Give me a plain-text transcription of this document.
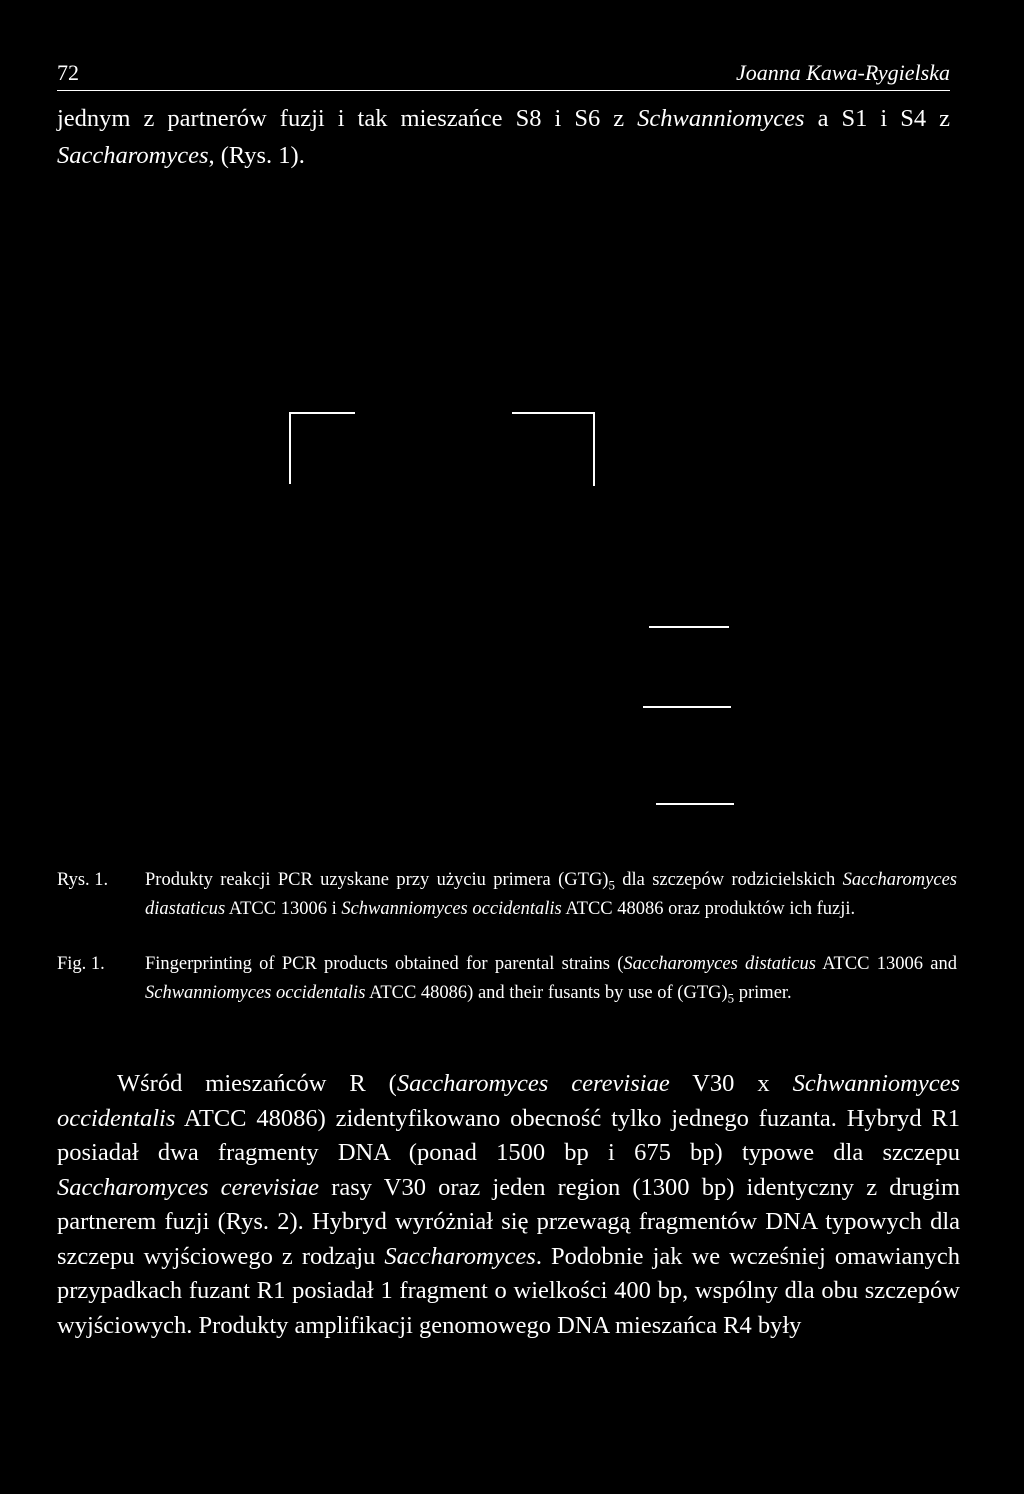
72	Joanna Kawa-Rygielska
jednym z partnerów fuzji i tak mieszańce S8 i S6 z Schwanniomyces a S1 i S4 z Saccharomyces, (Rys. 1).
Rys. 1.	Produkty reakcji PCR uzyskane przy użyciu primera $(GTG)_5$ dla szczepów rodzicielskich Saccharomyces diastaticus ATCC 13006 i Schwanniomyces occidentalis ATCC 48086 oraz produktów ich fuzji.
Fig. 1.	Fingerprinting of PCR products obtained for parental strains (Saccharomyces distaticus ATCC 13006 and Schwanniomyces occidentalis ATCC 48086) and their fusants by use of $(GTG)_5$ primer.
Wśród mieszańców R (Saccharomyces cerevisiae V30 x Schwanniomyces occidentalis ATCC 48086) zidentyfikowano obecność tylko jednego fuzanta. Hybryd R1 posiadał dwa fragmenty DNA (ponad 1500 bp i 675 bp) typowe dla szczepu Saccharomyces cerevisiae rasy V30 oraz jeden region (1300 bp) identyczny z drugim partnerem fuzji (Rys. 2). Hybryd wyróżniał się przewagą fragmentów DNA typowych dla szczepu wyjściowego z rodzaju Saccharomyces. Podobnie jak we wcześniej omawianych przypadkach fuzant R1 posiadał 1 fragment o wielkości 400 bp, wspólny dla obu szczepów wyjściowych. Produkty amplifikacji genomowego DNA mieszańca R4 były
